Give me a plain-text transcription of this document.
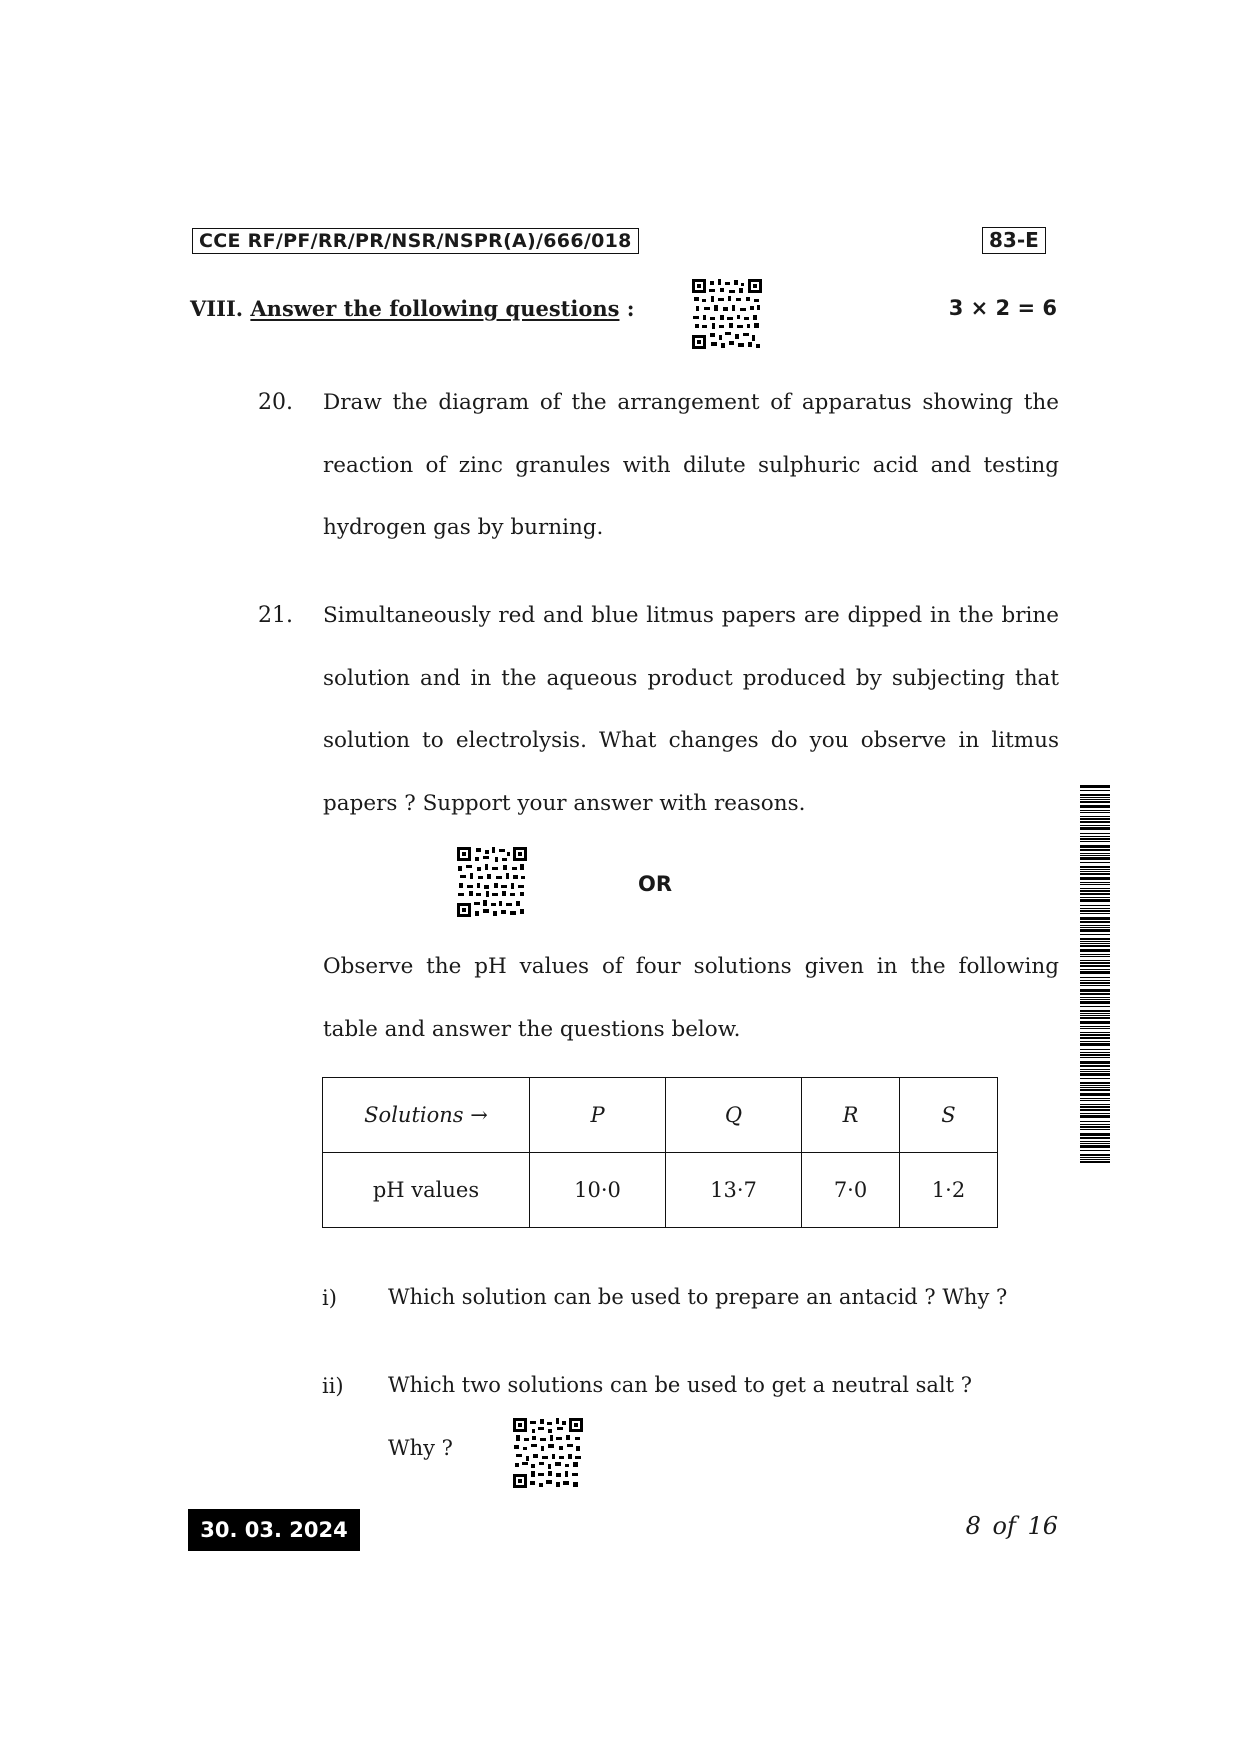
CCE RF/PF/RR/PR/NSR/NSPR(A)/666/018	83-E
VIII. Answer the following questions :	3 × 2 = 6
20. Draw the diagram of the arrangement of apparatus showing the reaction of zinc granules with dilute sulphuric acid and testing hydrogen gas by burning.
21. Simultaneously red and blue litmus papers are dipped in the brine solution and in the aqueous product produced by subjecting that solution to electrolysis. What changes do you observe in litmus papers ? Support your answer with reasons.
OR
Observe the pH values of four solutions given in the following table and answer the questions below.
Solutions →	P	Q	R	S
pH values	10·0	13·7	7·0	1·2
i) Which solution can be used to prepare an antacid ? Why ?
ii) Which two solutions can be used to get a neutral salt ?
Why ?
30. 03. 2024	8 of 16
